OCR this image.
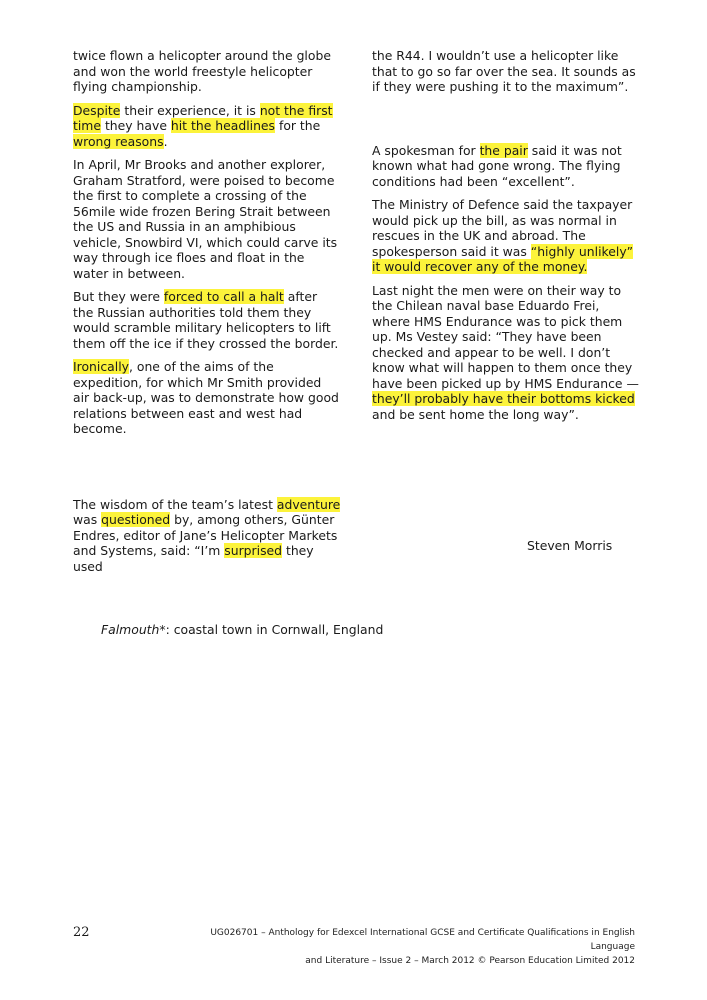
twice flown a helicopter around the globe and won the world freestyle helicopter flying championship.

Despite their experience, it is not the first time they have hit the headlines for the wrong reasons.

In April, Mr Brooks and another explorer, Graham Stratford, were poised to become the first to complete a crossing of the 56mile wide frozen Bering Strait between the US and Russia in an amphibious vehicle, Snowbird VI, which could carve its way through ice floes and float in the water in between.

But they were forced to call a halt after the Russian authorities told them they would scramble military helicopters to lift them off the ice if they crossed the border.

Ironically, one of the aims of the expedition, for which Mr Smith provided air back-up, was to demonstrate how good relations between east and west had become.

The wisdom of the team’s latest adventure was questioned by, among others, Günter Endres, editor of Jane’s Helicopter Markets and Systems, said: “I’m surprised they used

the R44. I wouldn’t use a helicopter like that to go so far over the sea. It sounds as if they were pushing it to the maximum”.

A spokesman for the pair said it was not known what had gone wrong. The flying conditions had been “excellent”.

The Ministry of Defence said the taxpayer would pick up the bill, as was normal in rescues in the UK and abroad. The spokesperson said it was “highly unlikely” it would recover any of the money.

Last night the men were on their way to the Chilean naval base Eduardo Frei, where HMS Endurance was to pick them up. Ms Vestey said: “They have been checked and appear to be well. I don’t know what will happen to them once they have been picked up by HMS Endurance — they’ll probably have their bottoms kicked and be sent home the long way”.

Steven Morris
Falmouth*: coastal town in Cornwall, England
22	UG026701 – Anthology for Edexcel International GCSE and Certificate Qualifications in English Language
and Literature – Issue 2 – March 2012 © Pearson Education Limited 2012
